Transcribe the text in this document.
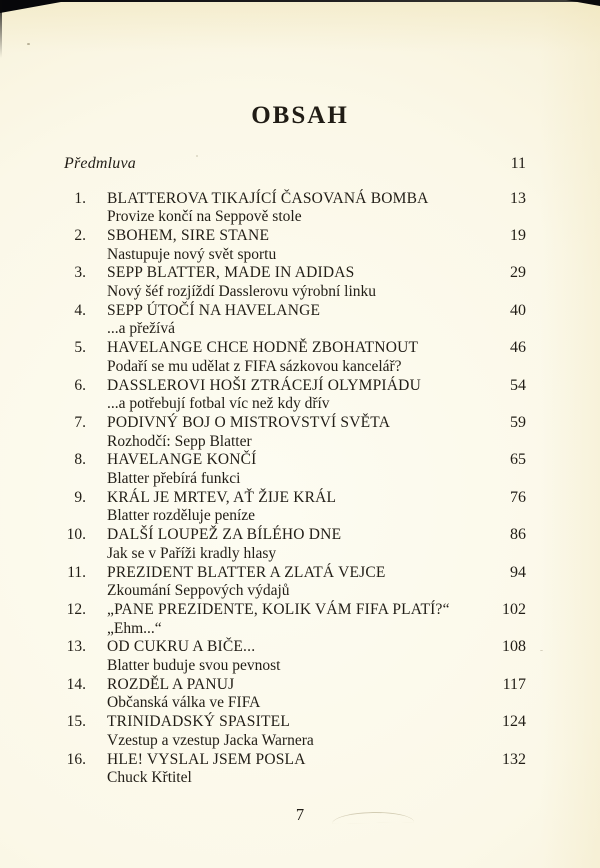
OBSAH
Předmluva	11
1.	BLATTEROVA TIKAJÍCÍ ČASOVANÁ BOMBA	13
Provize končí na Seppově stole
2.	SBOHEM, SIRE STANE	19
Nastupuje nový svět sportu
3.	SEPP BLATTER, MADE IN ADIDAS	29
Nový šéf rozjíždí Dasslerovu výrobní linku
4.	SEPP ÚTOČÍ NA HAVELANGE	40
...a přežívá
5.	HAVELANGE CHCE HODNĚ ZBOHATNOUT	46
Podaří se mu udělat z FIFA sázkovou kancelář?
6.	DASSLEROVI HOŠI ZTRÁCEJÍ OLYMPIÁDU	54
...a potřebují fotbal víc než kdy dřív
7.	PODIVNÝ BOJ O MISTROVSTVÍ SVĚTA	59
Rozhodčí: Sepp Blatter
8.	HAVELANGE KONČÍ	65
Blatter přebírá funkci
9.	KRÁL JE MRTEV, AŤ ŽIJE KRÁL	76
Blatter rozděluje peníze
10.	DALŠÍ LOUPEŽ ZA BÍLÉHO DNE	86
Jak se v Paříži kradly hlasy
11.	PREZIDENT BLATTER A ZLATÁ VEJCE	94
Zkoumání Seppových výdajů
12.	„PANE PREZIDENTE, KOLIK VÁM FIFA PLATÍ?“	102
„Ehm...“
13.	OD CUKRU A BIČE...	108
Blatter buduje svou pevnost
14.	ROZDĚL A PANUJ	117
Občanská válka ve FIFA
15.	TRINIDADSKÝ SPASITEL	124
Vzestup a vzestup Jacka Warnera
16.	HLE! VYSLAL JSEM POSLA	132
Chuck Křtitel
7
